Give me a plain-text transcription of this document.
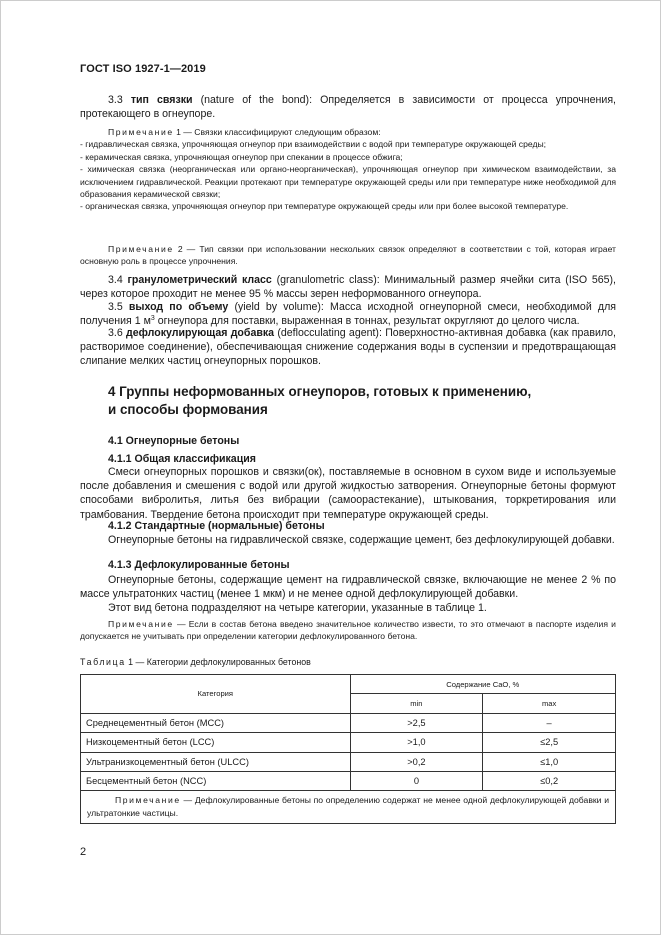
ГОСТ ISO 1927-1—2019
3.3 тип связки (nature of the bond): Определяется в зависимости от процесса упрочнения, протекающего в огнеупоре.
Примечание 1 — Связки классифицируют следующим образом:
- гидравлическая связка, упрочняющая огнеупор при взаимодействии с водой при температуре окружающей среды;
- керамическая связка, упрочняющая огнеупор при спекании в процессе обжига;
- химическая связка (неорганическая или органо-неорганическая), упрочняющая огнеупор при химическом взаимодействии, за исключением гидравлической. Реакции протекают при температуре окружающей среды или при температуре ниже необходимой для образования керамической связки;
- органическая связка, упрочняющая огнеупор при температуре окружающей среды или при более высокой температуре.
Примечание 2 — Тип связки при использовании нескольких связок определяют в соответствии с той, которая играет основную роль в процессе упрочнения.
3.4 гранулометрический класс (granulometric class): Минимальный размер ячейки сита (ISO 565), через которое проходит не менее 95 % массы зерен неформованного огнеупора.
3.5 выход по объему (yield by volume): Масса исходной огнеупорной смеси, необходимой для получения 1 $м^3$ огнеупора для поставки, выраженная в тоннах, результат округляют до целого числа.
3.6 дефлокулирующая добавка (deflocculating agent): Поверхностно-активная добавка (как правило, растворимое соединение), обеспечивающая снижение содержания воды в суспензии и предотвращающая слипание мелких частиц огнеупорных порошков.
4 Группы неформованных огнеупоров, готовых к применению,
и способы формования
4.1 Огнеупорные бетоны
4.1.1 Общая классификация
Смеси огнеупорных порошков и связки(ок), поставляемые в основном в сухом виде и используемые после добавления и смешения с водой или другой жидкостью затворения. Огнеупорные бетоны формуют способами вибролитья, литья без вибрации (самоoрастекание), штыкования, торкретирования или трамбования. Твердение бетона происходит при температуре окружающей среды.
4.1.2 Стандартные (нормальные) бетоны
Огнеупорные бетоны на гидравлической связке, содержащие цемент, без дефлокулирующей добавки.
4.1.3 Дефлокулированные бетоны
Огнеупорные бетоны, содержащие цемент на гидравлической связке, включающие не менее 2 % по массе ультратонких частиц (менее 1 мкм) и не менее одной дефлокулирующей добавки.
Этот вид бетона подразделяют на четыре категории, указанные в таблице 1.
Примечание — Если в состав бетона введено значительное количество извести, то это отмечают в паспорте изделия и допускается не учитывать при определении категории дефлокулированного бетона.
Таблица 1 — Категории дефлокулированных бетонов
Категория	Содержание CaO, %	
	min	max
Среднецементный бетон (MCC)	>2,5	–
Низкоцементный бетон (LCC)	>1,0	≤2,5
Ультранизкоцементный бетон (ULCC)	>0,2	≤1,0
Бесцементный бетон (NCC)	0	≤0,2
Примечание — Дефлокулированные бетоны по определению содержат не менее одной дефлокулирующей добавки и ультратонкие частицы.		
2
